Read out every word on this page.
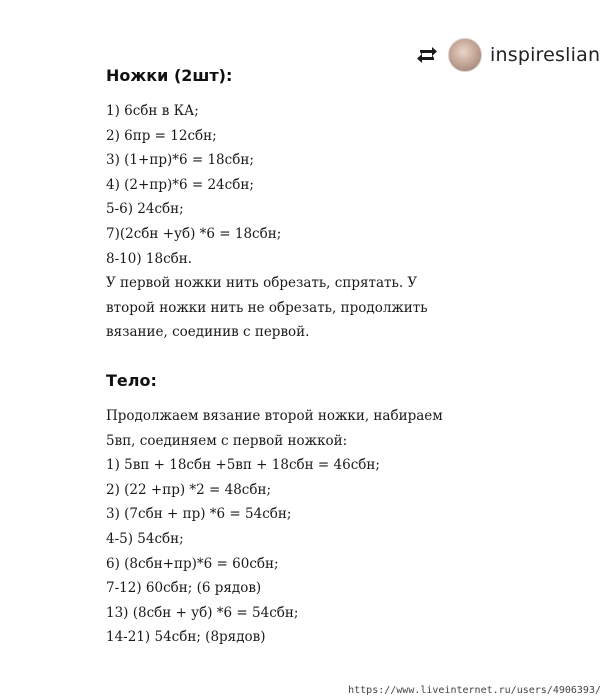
inspireslian

Ножки (2шт):

1) 6сбн в КА;

2) 6пр = 12сбн;

3) (1+пр)*6 = 18сбн;

4) (2+пр)*6 = 24сбн;

5-6) 24сбн;

7)(2сбн +уб) *6 = 18сбн;

8-10) 18сбн.

У первой ножки нить обрезать, спрятать. У

второй ножки нить не обрезать, продолжить

вязание, соединив с первой.

Тело:

Продолжаем вязание второй ножки, набираем

5вп, соединяем с первой ножкой:

1) 5вп + 18сбн +5вп + 18сбн = 46сбн;

2) (22 +пр) *2 = 48сбн;

3) (7сбн + пр) *6 = 54сбн;

4-5) 54сбн;

6) (8сбн+пр)*6 = 60сбн;

7-12) 60сбн; (6 рядов)

13) (8сбн + уб) *6 = 54сбн;

14-21) 54сбн; (8рядов)

https://www.liveinternet.ru/users/4906393/
